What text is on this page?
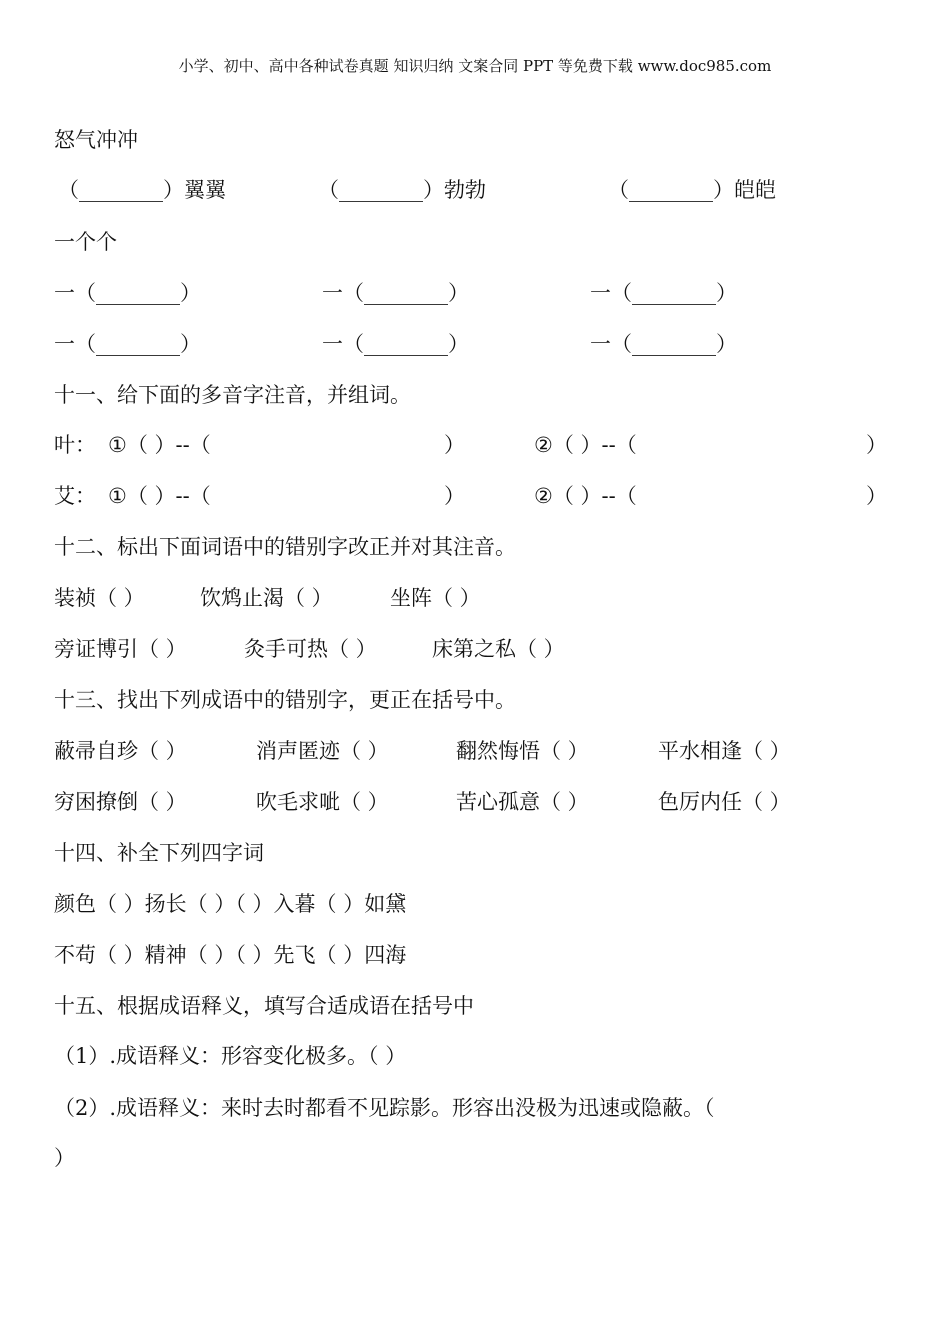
小学、初中、高中各种试卷真题 知识归纳 文案合同 PPT 等免费下载 www.doc985.com
怒气冲冲
（________）翼翼	（________）勃勃	（________）皑皑
一个个
一（________）	一（________）	一（________）
一（________）	一（________）	一（________）
十一、给下面的多音字注音，并组词。
叶： ①（ ）--（	）	②（ ）--（	）
艾： ①（ ）--（	）	②（ ）--（	）
十二、标出下面词语中的错别字改正并对其注音。
装祯（ ）	饮鸩止渴（ ）	坐阵（ ）
旁证博引（ ）	灸手可热（ ）	床第之私（ ）
十三、找出下列成语中的错别字，更正在括号中。
蔽帚自珍（ ）	消声匿迹（ ）	翻然悔悟（ ）	平水相逢（ ）
穷困撩倒（ ）	吹毛求呲（ ）	苦心孤意（ ）	色厉内任（ ）
十四、补全下列四字词
颜色（ ）扬长（ ）（ ）入暮（ ）如黛
不苟（ ）精神（ ）（ ）先飞（ ）四海
十五、根据成语释义，填写合适成语在括号中
（1）.成语释义：形容变化极多。（ ）
（2）.成语释义：来时去时都看不见踪影。形容出没极为迅速或隐蔽。（
）
